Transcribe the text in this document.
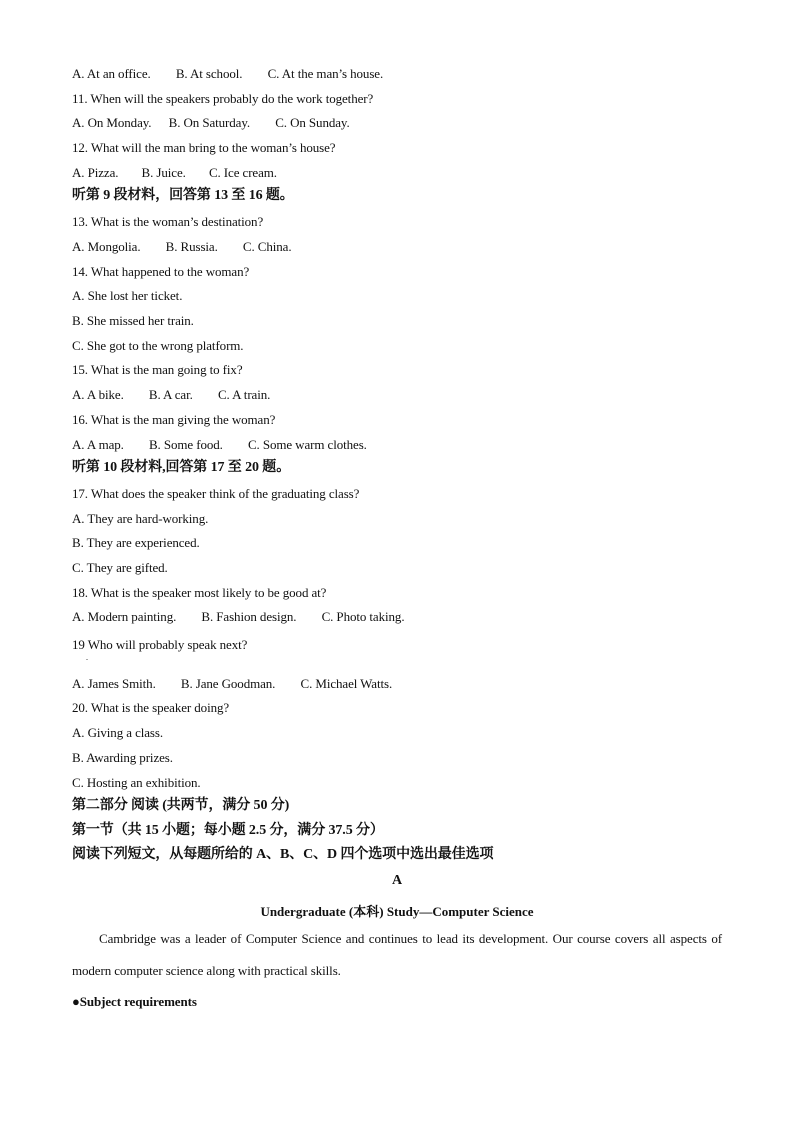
A. At an office. B. At school. C. At the man’s house.
11. When will the speakers probably do the work together?
A. On Monday. B. On Saturday. C. On Sunday.
12. What will the man bring to the woman’s house?
A. Pizza. B. Juice. C. Ice cream.
听第 9 段材料，回答第 13 至 16 题。
13. What is the woman’s destination?
A. Mongolia. B. Russia. C. China.
14. What happened to the woman?
A. She lost her ticket.
B. She missed her train.
C. She got to the wrong platform.
15. What is the man going to fix?
A. A bike. B. A car. C. A train.
16. What is the man giving the woman?
A. A map. B. Some food. C. Some warm clothes.
听第 10 段材料,回答第 17 至 20 题。
17. What does the speaker think of the graduating class?
A. They are hard-working.
B. They are experienced.
C. They are gifted.
18. What is the speaker most likely to be good at?
A. Modern painting. B. Fashion design. C. Photo taking.
19 Who will probably speak next?
.
A. James Smith. B. Jane Goodman. C. Michael Watts.
20. What is the speaker doing?
A. Giving a class.
B. Awarding prizes.
C. Hosting an exhibition.
第二部分 阅读 (共两节，满分 50 分)
第一节（共 15 小题；每小题 2.5 分，满分 37.5 分）
阅读下列短文，从每题所给的 A、B、C、D 四个选项中选出最佳选项
A
Undergraduate (本科) Study—Computer Science
Cambridge was a leader of Computer Science and continues to lead its development. Our course covers all aspects of modern computer science along with practical skills.
●Subject requirements
